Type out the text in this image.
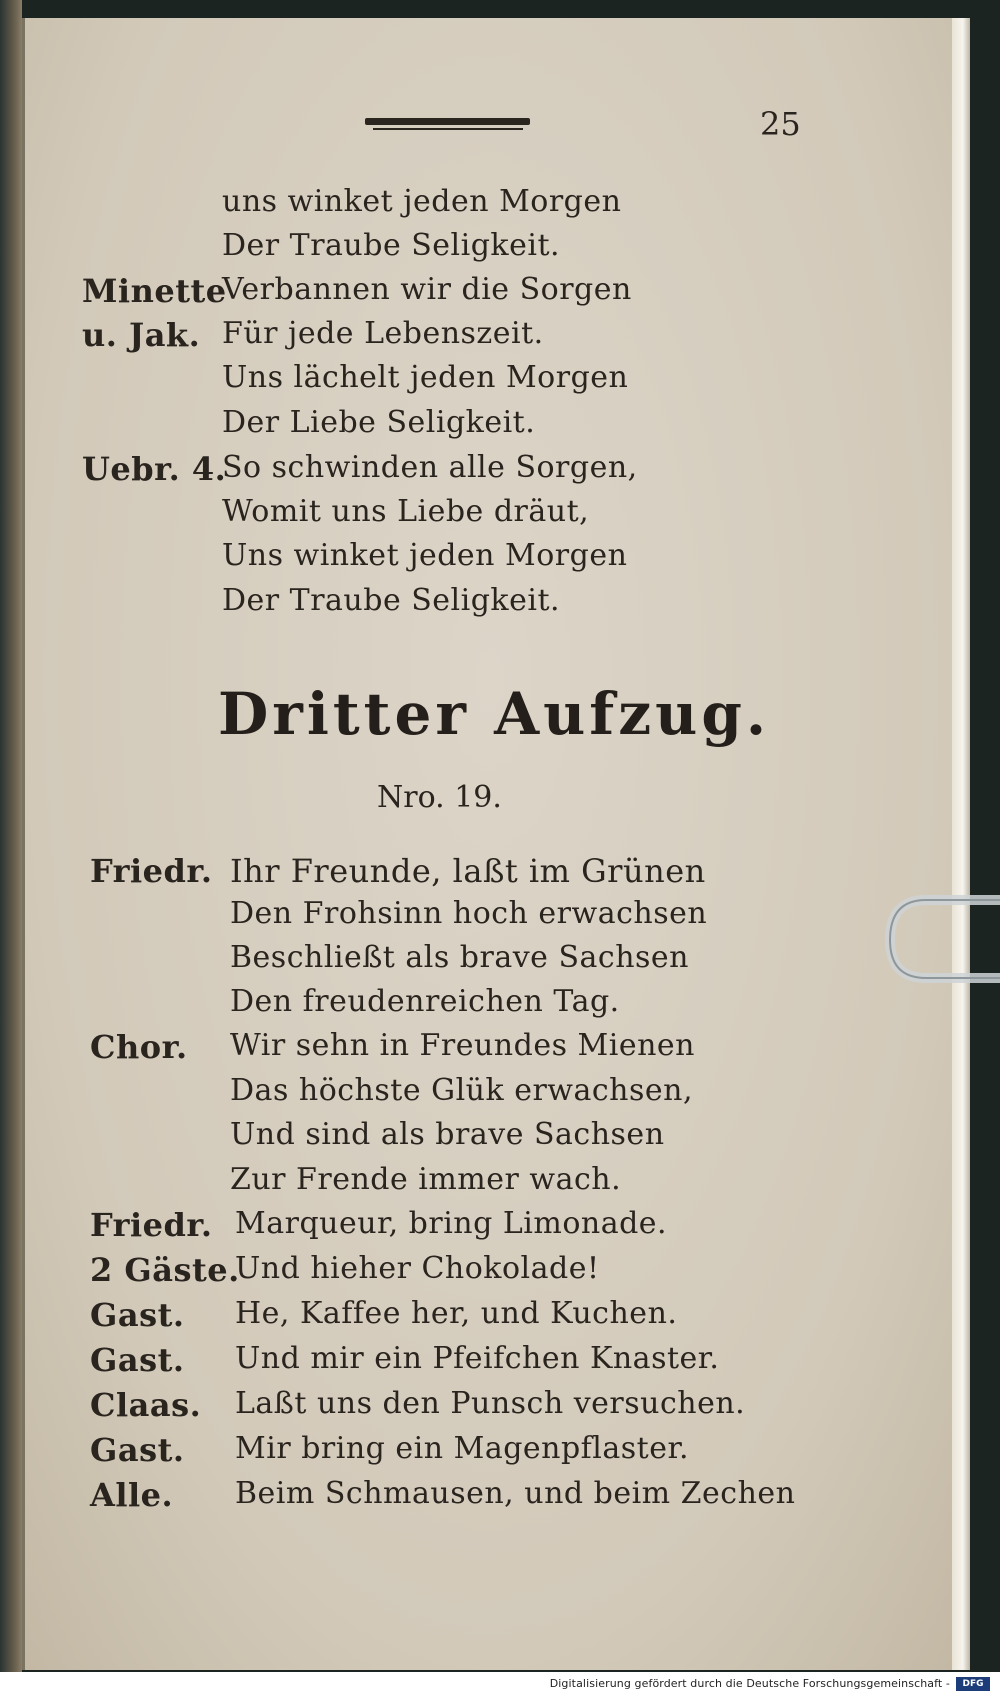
25
Minette
u. Jak.
Uebr. 4.
uns winket jeden Morgen
Der Traube Seligkeit.
Verbannen wir die Sorgen
Für jede Lebenszeit.
Uns lächelt jeden Morgen
Der Liebe Seligkeit.
So schwinden alle Sorgen,
Womit uns Liebe dräut,
Uns winket jeden Morgen
Der Traube Seligkeit.
Dritter Aufzug.
Nro. 19.
Friedr.
Chor.
Friedr.
2 Gäste.
Gast.
Gast.
Claas.
Gast.
Alle.
Ihr Freunde, laßt im Grünen
Den Frohsinn hoch erwachsen
Beschließt als brave Sachsen
Den freudenreichen Tag.
Wir sehn in Freundes Mienen
Das höchste Glük erwachsen,
Und sind als brave Sachsen
Zur Frende immer wach.
Marqueur, bring Limonade.
Und hieher Chokolade!
He, Kaffee her, und Kuchen.
Und mir ein Pfeifchen Knaster.
Laßt uns den Punsch versuchen.
Mir bring ein Magenpflaster.
Beim Schmausen, und beim Zechen
Digitalisierung gefördert durch die Deutsche Forschungsgemeinschaft -	DFG
